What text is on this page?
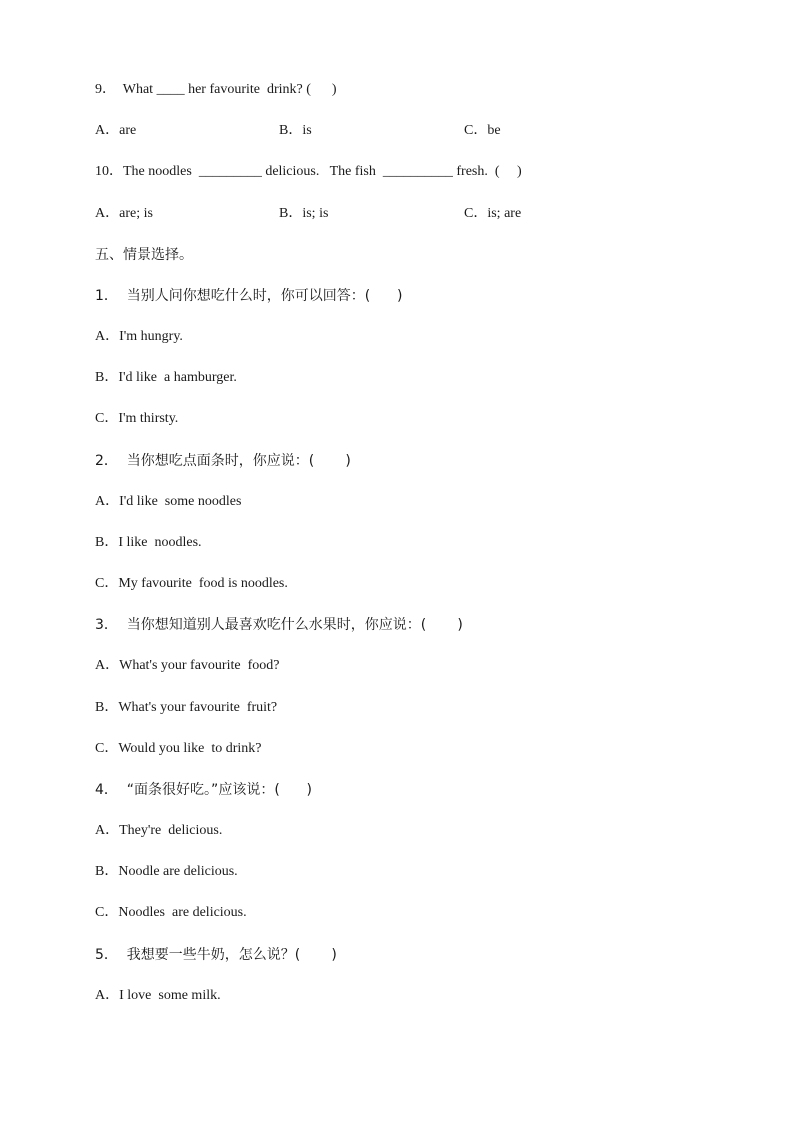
9．  What ____ her favourite  drink? (      )
A．are	B．is	C．be
10．The noodles  _________ delicious.   The fish  __________ fresh.  (     )
A．are; is	B．is; is	C．is; are
五、情景选择。
1．  当别人问你想吃什么时，你可以回答：(      )
A．I'm hungry.
B．I'd like  a hamburger.
C．I'm thirsty.
2．  当你想吃点面条时，你应说：(       )
A．I'd like  some noodles
B．I like  noodles.
C．My favourite  food is noodles.
3．  当你想知道别人最喜欢吃什么水果时，你应说：(       )
A．What's your favourite  food?
B．What's your favourite  fruit?
C．Would you like  to drink?
4．  “面条很好吃。”应该说：(      )
A．They're  delicious.
B．Noodle are delicious.
C．Noodles  are delicious.
5．  我想要一些牛奶，怎么说？(       )
A．I love  some milk.
